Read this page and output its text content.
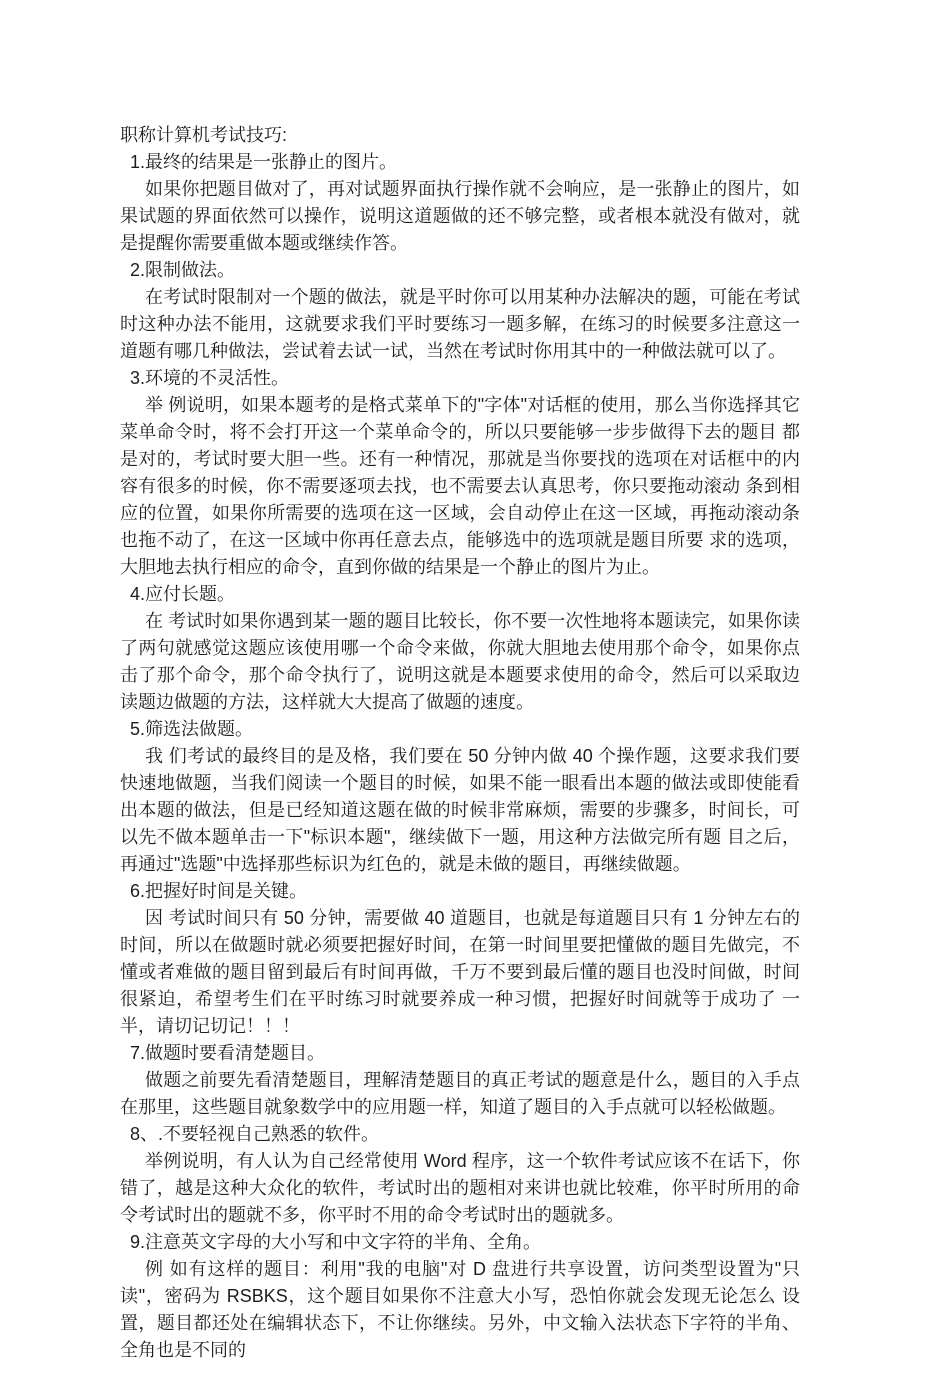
职称计算机考试技巧:

1.最终的结果是一张静止的图片。

如果你把题目做对了，再对试题界面执行操作就不会响应，是一张静止的图片，如果试题的界面依然可以操作，说明这道题做的还不够完整，或者根本就没有做对，就是提醒你需要重做本题或继续作答。

2.限制做法。

在考试时限制对一个题的做法，就是平时你可以用某种办法解决的题，可能在考试时这种办法不能用，这就要求我们平时要练习一题多解，在练习的时候要多注意这一道题有哪几种做法，尝试着去试一试，当然在考试时你用其中的一种做法就可以了。

3.环境的不灵活性。

举 例说明，如果本题考的是格式菜单下的"字体"对话框的使用，那么当你选择其它菜单命令时，将不会打开这一个菜单命令的，所以只要能够一步步做得下去的题目 都是对的，考试时要大胆一些。还有一种情况，那就是当你要找的选项在对话框中的内容有很多的时候，你不需要逐项去找，也不需要去认真思考，你只要拖动滚动 条到相应的位置，如果你所需要的选项在这一区域，会自动停止在这一区域，再拖动滚动条也拖不动了，在这一区域中你再任意去点，能够选中的选项就是题目所要 求的选项，大胆地去执行相应的命令，直到你做的结果是一个静止的图片为止。

4.应付长题。

在 考试时如果你遇到某一题的题目比较长，你不要一次性地将本题读完，如果你读了两句就感觉这题应该使用哪一个命令来做，你就大胆地去使用那个命令，如果你点 击了那个命令，那个命令执行了，说明这就是本题要求使用的命令，然后可以采取边读题边做题的方法，这样就大大提高了做题的速度。

5.筛选法做题。

我 们考试的最终目的是及格，我们要在 50 分钟内做 40 个操作题，这要求我们要快速地做题，当我们阅读一个题目的时候，如果不能一眼看出本题的做法或即使能看 出本题的做法，但是已经知道这题在做的时候非常麻烦，需要的步骤多，时间长，可以先不做本题单击一下"标识本题"，继续做下一题，用这种方法做完所有题 目之后，再通过"选题"中选择那些标识为红色的，就是未做的题目，再继续做题。

6.把握好时间是关键。

因 考试时间只有 50 分钟，需要做 40 道题目，也就是每道题目只有 1 分钟左右的时间，所以在做题时就必须要把握好时间，在第一时间里要把懂做的题目先做完，不 懂或者难做的题目留到最后有时间再做，千万不要到最后懂的题目也没时间做，时间很紧迫，希望考生们在平时练习时就要养成一种习惯，把握好时间就等于成功了 一半，请切记切记！！！

7.做题时要看清楚题目。

做题之前要先看清楚题目，理解清楚题目的真正考试的题意是什么，题目的入手点在那里，这些题目就象数学中的应用题一样，知道了题目的入手点就可以轻松做题。

8、.不要轻视自己熟悉的软件。

举例说明，有人认为自己经常使用 Word 程序，这一个软件考试应该不在话下，你错了，越是这种大众化的软件，考试时出的题相对来讲也就比较难，你平时所用的命令考试时出的题就不多，你平时不用的命令考试时出的题就多。

9.注意英文字母的大小写和中文字符的半角、全角。

例 如有这样的题目：利用"我的电脑"对 D 盘进行共享设置，访问类型设置为"只读"，密码为 RSBKS，这个题目如果你不注意大小写，恐怕你就会发现无论怎么 设置，题目都还处在编辑状态下，不让你继续。另外，中文输入法状态下字符的半角、全角也是不同的
